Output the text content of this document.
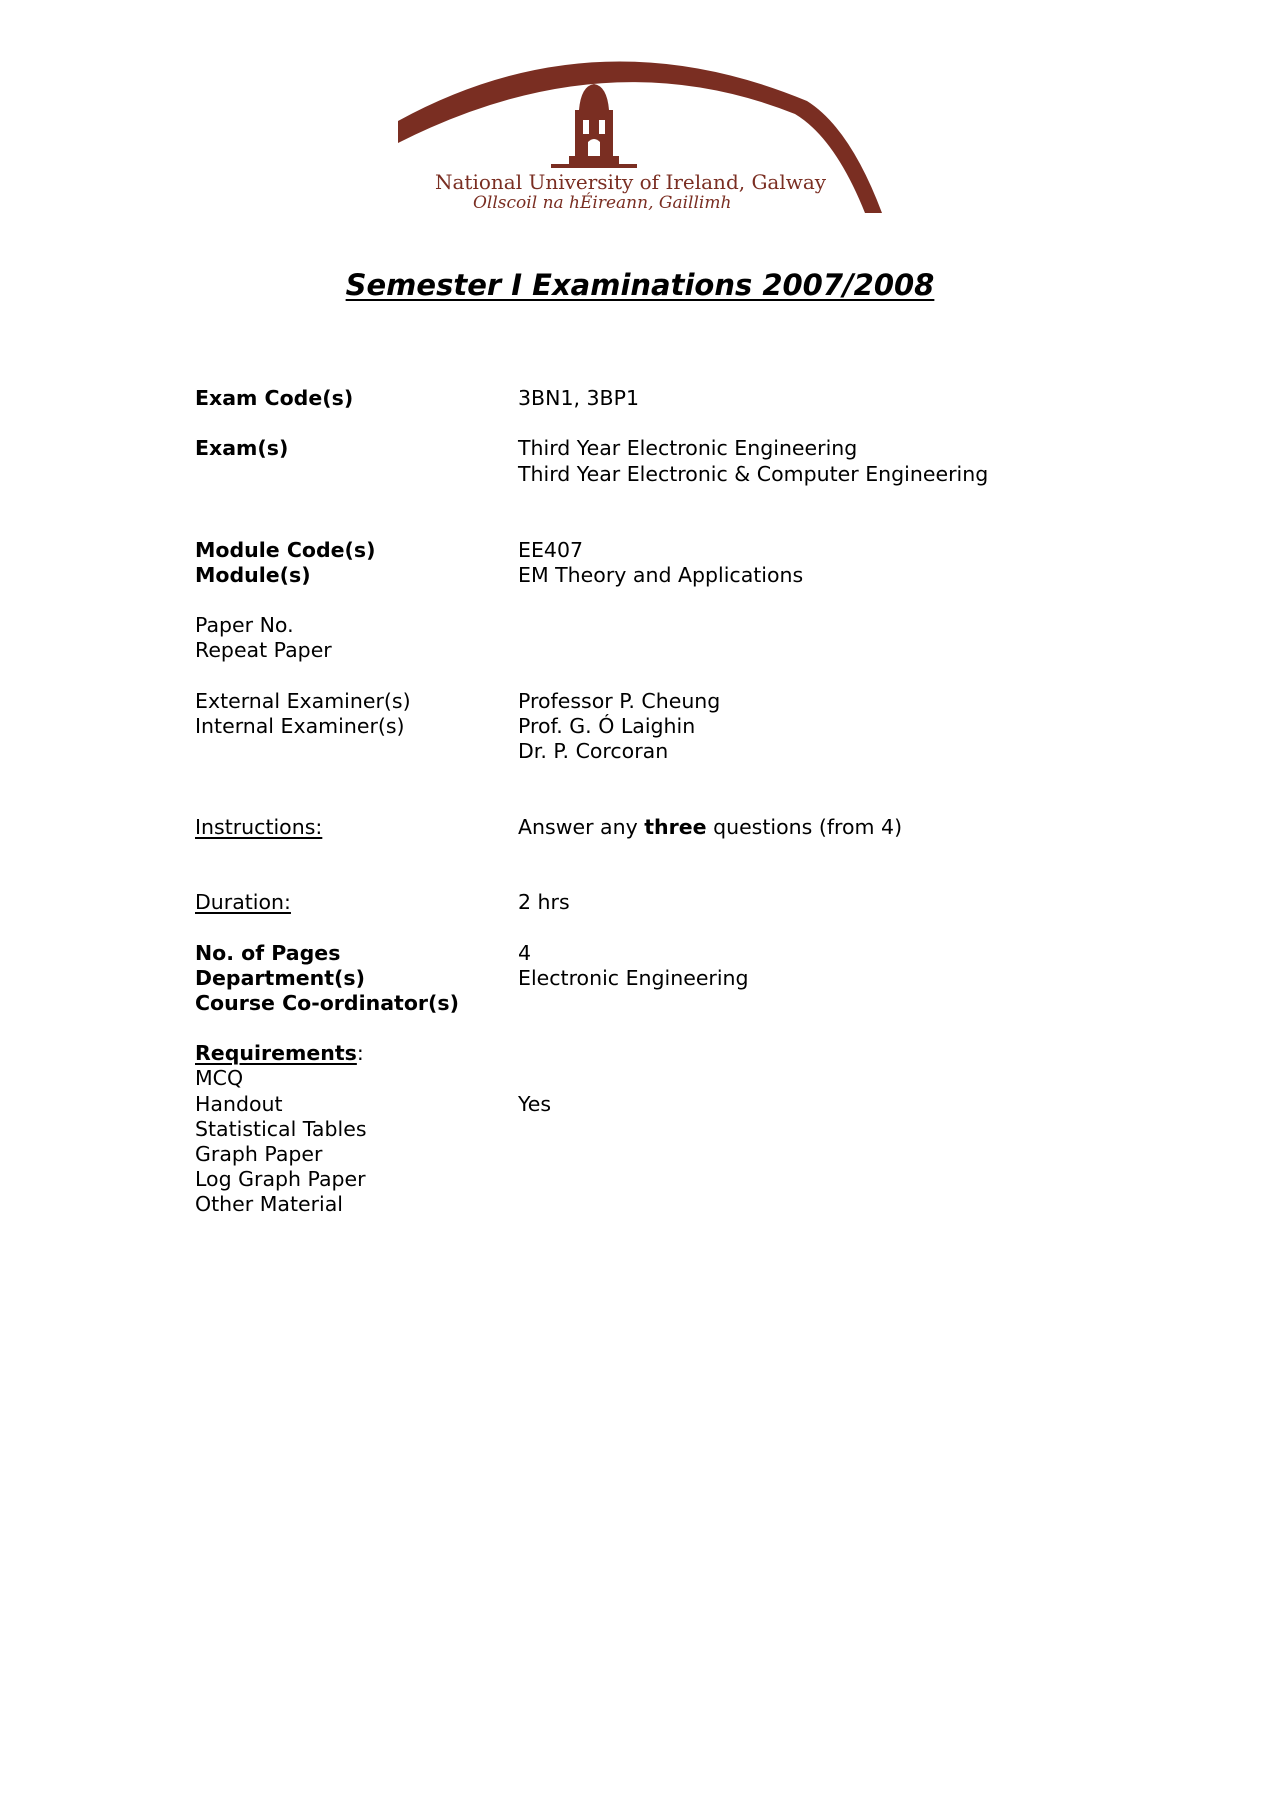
National University of Ireland, Galway
Ollscoil na hÉireann, Gaillimh
Semester I Examinations 2007/2008
Exam Code(s)	3BN1, 3BP1
Exam(s)	Third Year Electronic Engineering
Third Year Electronic & Computer Engineering
Module Code(s)	EE407
Module(s)	EM Theory and Applications
Paper No.
Repeat Paper
External Examiner(s)	Professor P. Cheung
Internal Examiner(s)	Prof. G. Ó Laighin
Dr. P. Corcoran
Instructions:	Answer any three questions (from 4)
Duration:	2 hrs
No. of Pages	4
Department(s)	Electronic Engineering
Course Co-ordinator(s)
Requirements:
MCQ
Handout	Yes
Statistical Tables
Graph Paper
Log Graph Paper
Other Material
